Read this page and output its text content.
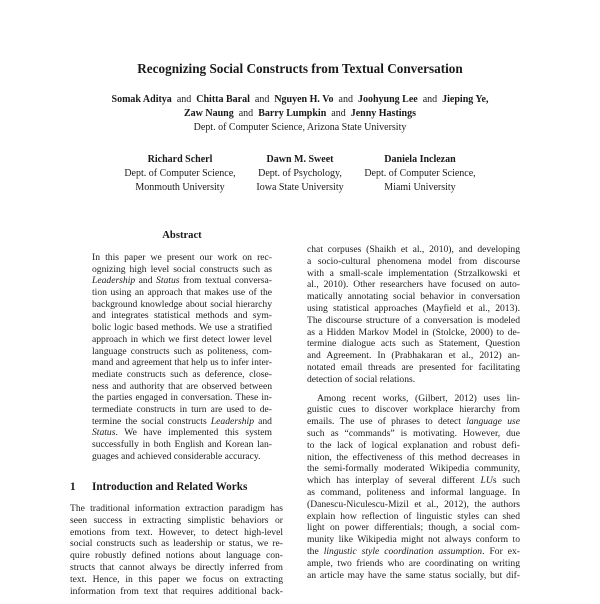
Recognizing Social Constructs from Textual Conversation
Somak Aditya and Chitta Baral and Nguyen H. Vo and Joohyung Lee and Jieping Ye,
Zaw Naung and Barry Lumpkin and Jenny Hastings
Dept. of Computer Science, Arizona State University
Richard Scherl
Dept. of Computer Science,
Monmouth University
Dawn M. Sweet
Dept. of Psychology,
Iowa State University
Daniela Inclezan
Dept. of Computer Science,
Miami University
Abstract
In this paper we present our work on rec-
ognizing high level social constructs such as
Leadership and Status from textual conversa-
tion using an approach that makes use of the
background knowledge about social hierarchy
and integrates statistical methods and sym-
bolic logic based methods. We use a stratified
approach in which we first detect lower level
language constructs such as politeness, com-
mand and agreement that help us to infer inter-
mediate constructs such as deference, close-
ness and authority that are observed between
the parties engaged in conversation. These in-
termediate constructs in turn are used to de-
termine the social constructs Leadership and
Status. We have implemented this system
successfully in both English and Korean lan-
guages and achieved considerable accuracy.
1 Introduction and Related Works
The traditional information extraction paradigm has
seen success in extracting simplistic behaviors or
emotions from text. However, to detect high-level
social constructs such as leadership or status, we re-
quire robustly defined notions about language con-
structs that cannot always be directly inferred from
text. Hence, in this paper we focus on extracting
information from text that requires additional back-
chat corpuses (Shaikh et al., 2010), and developing
a socio-cultural phenomena model from discourse
with a small-scale implementation (Strzalkowski et
al., 2010). Other researchers have focused on auto-
matically annotating social behavior in conversation
using statistical approaches (Mayfield et al., 2013).
The discourse structure of a conversation is modeled
as a Hidden Markov Model in (Stolcke, 2000) to de-
termine dialogue acts such as Statement, Question
and Agreement. In (Prabhakaran et al., 2012) an-
notated email threads are presented for facilitating
detection of social relations.
Among recent works, (Gilbert, 2012) uses lin-
guistic cues to discover workplace hierarchy from
emails. The use of phrases to detect language use
such as “commands” is motivating. However, due
to the lack of logical explanation and robust defi-
nition, the effectiveness of this method decreases in
the semi-formally moderated Wikipedia community,
which has interplay of several different LUs such
as command, politeness and informal language. In
(Danescu-Niculescu-Mizil et al., 2012), the authors
explain how reflection of linguistic styles can shed
light on power differentials; though, a social com-
munity like Wikipedia might not always conform to
the lingustic style coordination assumption. For ex-
ample, two friends who are coordinating on writing
an article may have the same status socially, but dif-
